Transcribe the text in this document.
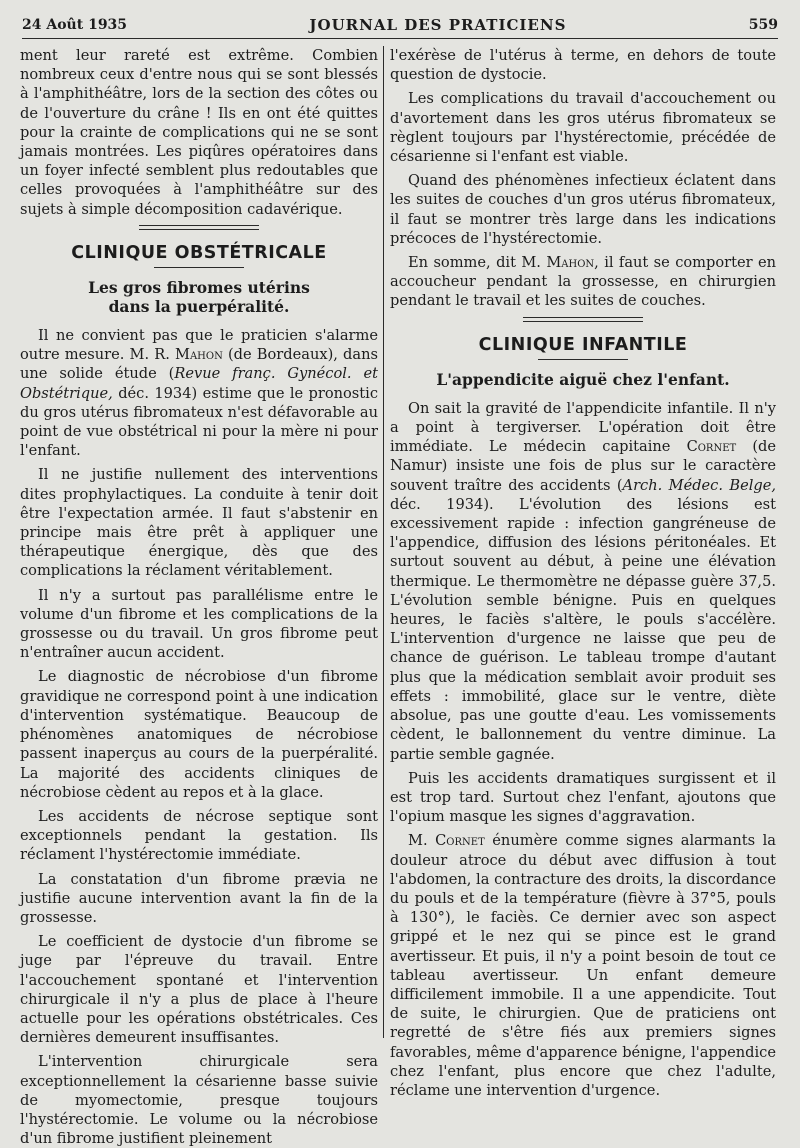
24 Août 1935	JOURNAL DES PRATICIENS	559

ment leur rareté est extrême. Combien nombreux ceux d'entre nous qui se sont blessés à l'amphithéâtre, lors de la section des côtes ou de l'ouverture du crâne ! Ils en ont été quittes pour la crainte de complications qui ne se sont jamais montrées. Les piqûres opératoires dans un foyer infecté semblent plus redoutables que celles provoquées à l'amphithéâtre sur des sujets à simple décomposition cadavérique.

CLINIQUE OBSTÉTRICALE
Les gros fibromes utérins
dans la puerpéralité.

Il ne convient pas que le praticien s'alarme outre mesure. M. R. Mahon (de Bordeaux), dans une solide étude (Revue franç. Gynécol. et Obstétrique, déc. 1934) estime que le pronostic du gros utérus fibromateux n'est défavorable au point de vue obstétrical ni pour la mère ni pour l'enfant.

Il ne justifie nullement des interventions dites prophylactiques. La conduite à tenir doit être l'expectation armée. Il faut s'abstenir en principe mais être prêt à appliquer une thérapeutique énergique, dès que des complications la réclament véritablement.

Il n'y a surtout pas parallélisme entre le volume d'un fibrome et les complications de la grossesse ou du travail. Un gros fibrome peut n'entraîner aucun accident.

Le diagnostic de nécrobiose d'un fibrome gravidique ne correspond point à une indication d'intervention systématique. Beaucoup de phénomènes anatomiques de nécrobiose passent inaperçus au cours de la puerpéralité. La majorité des accidents cliniques de nécrobiose cèdent au repos et à la glace.

Les accidents de nécrose septique sont exceptionnels pendant la gestation. Ils réclament l'hystérectomie immédiate.

La constatation d'un fibrome prævia ne justifie aucune intervention avant la fin de la grossesse.

Le coefficient de dystocie d'un fibrome se juge par l'épreuve du travail. Entre l'accouchement spontané et l'intervention chirurgicale il n'y a plus de place à l'heure actuelle pour les opérations obstétricales. Ces dernières demeurent insuffisantes.

L'intervention chirurgicale sera exceptionnellement la césarienne basse suivie de myomectomie, presque toujours l'hystérectomie. Le volume ou la nécrobiose d'un fibrome justifient pleinement

l'exérèse de l'utérus à terme, en dehors de toute question de dystocie.

Les complications du travail d'accouchement ou d'avortement dans les gros utérus fibromateux se règlent toujours par l'hystérectomie, précédée de césarienne si l'enfant est viable.

Quand des phénomènes infectieux éclatent dans les suites de couches d'un gros utérus fibromateux, il faut se montrer très large dans les indications précoces de l'hystérectomie.

En somme, dit M. Mahon, il faut se comporter en accoucheur pendant la grossesse, en chirurgien pendant le travail et les suites de couches.

CLINIQUE INFANTILE
L'appendicite aiguë chez l'enfant.

On sait la gravité de l'appendicite infantile. Il n'y a point à tergiverser. L'opération doit être immédiate. Le médecin capitaine Cornet (de Namur) insiste une fois de plus sur le caractère souvent traître des accidents (Arch. Médec. Belge, déc. 1934). L'évolution des lésions est excessivement rapide : infection gangréneuse de l'appendice, diffusion des lésions péritonéales. Et surtout souvent au début, à peine une élévation thermique. Le thermomètre ne dépasse guère 37,5. L'évolution semble bénigne. Puis en quelques heures, le faciès s'altère, le pouls s'accélère. L'intervention d'urgence ne laisse que peu de chance de guérison. Le tableau trompe d'autant plus que la médication semblait avoir produit ses effets : immobilité, glace sur le ventre, diète absolue, pas une goutte d'eau. Les vomissements cèdent, le ballonnement du ventre diminue. La partie semble gagnée.

Puis les accidents dramatiques surgissent et il est trop tard. Surtout chez l'enfant, ajoutons que l'opium masque les signes d'aggravation.

M. Cornet énumère comme signes alarmants la douleur atroce du début avec diffusion à tout l'abdomen, la contracture des droits, la discordance du pouls et de la température (fièvre à 37°5, pouls à 130°), le faciès. Ce dernier avec son aspect grippé et le nez qui se pince est le grand avertisseur. Et puis, il n'y a point besoin de tout ce tableau avertisseur. Un enfant demeure difficilement immobile. Il a une appendicite. Tout de suite, le chirurgien. Que de praticiens ont regretté de s'être fiés aux premiers signes favorables, même d'apparence bénigne, l'appendice chez l'enfant, plus encore que chez l'adulte, réclame une intervention d'urgence.
